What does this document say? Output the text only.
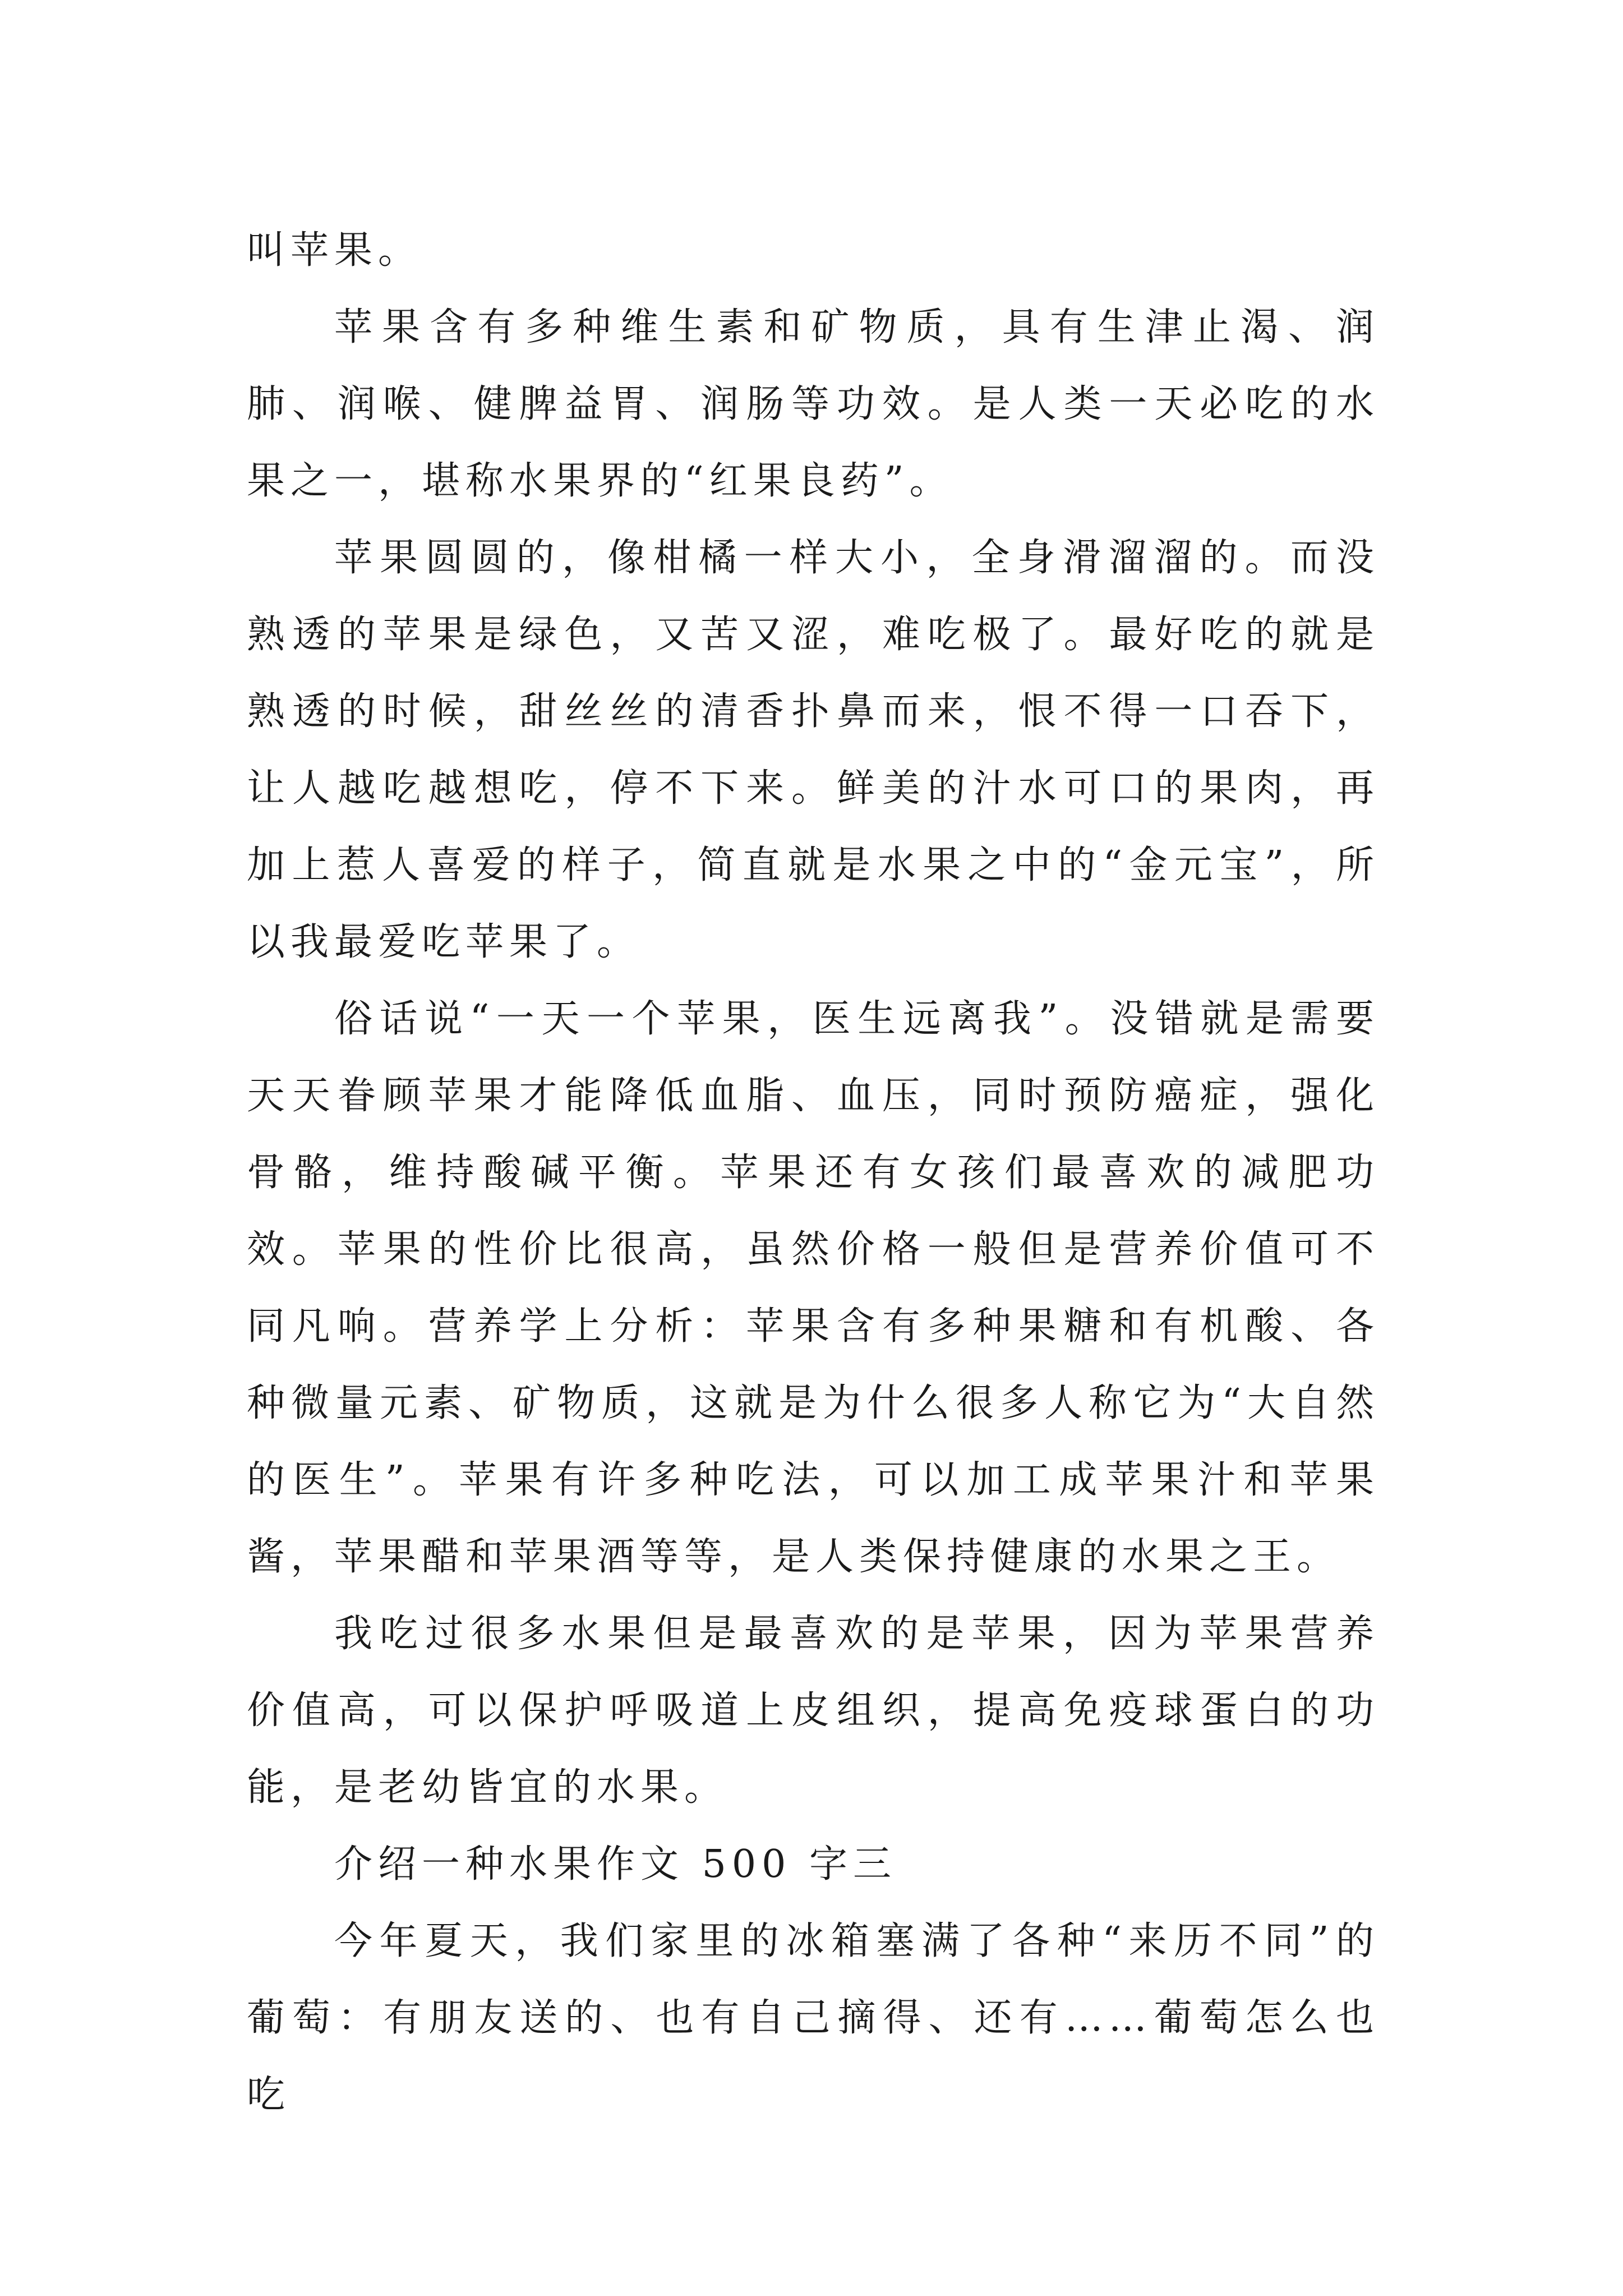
叫苹果。

苹果含有多种维生素和矿物质，具有生津止渴、润肺、润喉、健脾益胃、润肠等功效。是人类一天必吃的水果之一，堪称水果界的“红果良药”。

苹果圆圆的，像柑橘一样大小，全身滑溜溜的。而没熟透的苹果是绿色，又苦又涩，难吃极了。最好吃的就是熟透的时候，甜丝丝的清香扑鼻而来，恨不得一口吞下，让人越吃越想吃，停不下来。鲜美的汁水可口的果肉，再加上惹人喜爱的样子，简直就是水果之中的“金元宝”，所以我最爱吃苹果了。

俗话说“一天一个苹果，医生远离我”。没错就是需要天天眷顾苹果才能降低血脂、血压，同时预防癌症，强化骨骼，维持酸碱平衡。苹果还有女孩们最喜欢的减肥功效。苹果的性价比很高，虽然价格一般但是营养价值可不同凡响。营养学上分析：苹果含有多种果糖和有机酸、各种微量元素、矿物质，这就是为什么很多人称它为“大自然的医生”。苹果有许多种吃法，可以加工成苹果汁和苹果酱，苹果醋和苹果酒等等，是人类保持健康的水果之王。

我吃过很多水果但是最喜欢的是苹果，因为苹果营养价值高，可以保护呼吸道上皮组织，提高免疫球蛋白的功能，是老幼皆宜的水果。

介绍一种水果作文 500 字三

今年夏天，我们家里的冰箱塞满了各种“来历不同”的葡萄：有朋友送的、也有自己摘得、还有……葡萄怎么也吃
